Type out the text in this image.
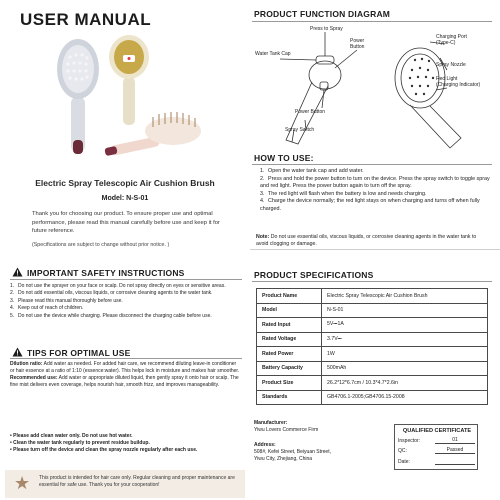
USER MANUAL
Electric Spray Telescopic Air Cushion Brush
Model: N-S-01
Thank you for choosing our product. To ensure proper use and optimal performance, please read this manual carefully before use and keep it for future reference.
(Specifications are subject to change without prior notice. )
PRODUCT FUNCTION DIAGRAM
Press to Spray
Water Tank Cap
Power
Button
Charging Port
(Type-C)
Spray Nozzle
Red Light
(Charging Indicator)
Power Button
Spray Switch
HOW TO USE:
1. Open the water tank cap and add water.
2. Press and hold the power button to turn on the device. Press the spray switch to toggle spray and red light. Press the power button again to turn off the spray.
3. The red light will flash when the battery is low and needs charging.
4. Charge the device normally; the red light stays on when charging and turns off when fully charged.
Note: Do not use essential oils, viscous liquids, or corrosive cleaning agents in the water tank to avoid clogging or damage.
IMPORTANT SAFETY INSTRUCTIONS
1. Do not use the sprayer on your face or scalp. Do not spray directly on eyes or sensitive areas.
2. Do not add essential oils, viscous liquids, or corrosive cleaning agents to the water tank.
3. Please read this manual thoroughly before use.
4. Keep out of reach of children.
5. Do not use the device while charging. Please disconnect the charging cable before use.
TIPS FOR OPTIMAL USE

Dilution ratio: Add water as needed. For added hair care, we recommend diluting leave-in conditioner or hair essence at a ratio of 1:10 (essence:water). This helps lock in moisture and makes hair smoother.

Recommended use: Add water or appropriate diluted liquid, then gently spray it onto hair or scalp. The fine mist delivers even coverage, helps nourish hair, smooth frizz, and improves manageability.

• Please add clean water only. Do not use hot water.
• Clean the water tank regularly to prevent residue buildup.
• Please turn off the device and clean the spray nozzle regularly after each use.
★ This product is intended for hair care only. Regular cleaning and proper maintenance are essential for safe use. Thank you for your cooperation!
PRODUCT SPECIFICATIONS
Product Name	Electric Spray Telescopic Air Cushion Brush
Model	N-S-01
Rated Input	5V⎓1A
Rated Voltage	3.7V⎓
Rated Power	1W
Battery Capacity	500mAh
Product Size	26.2*12*6.7cm / 10.3*4.7*2.6in
Standards	GB4706.1-2005;GB4706.15-2008
Manufacturer:
Yiwu Lovers Commerce Firm
Address:
508#, Kefei Street, Beiyuan Street,
Yiwu City, Zhejiang, China
QUALIFIED CERTIFICATE
Inspector:	01
QC:	Passed
Date:
